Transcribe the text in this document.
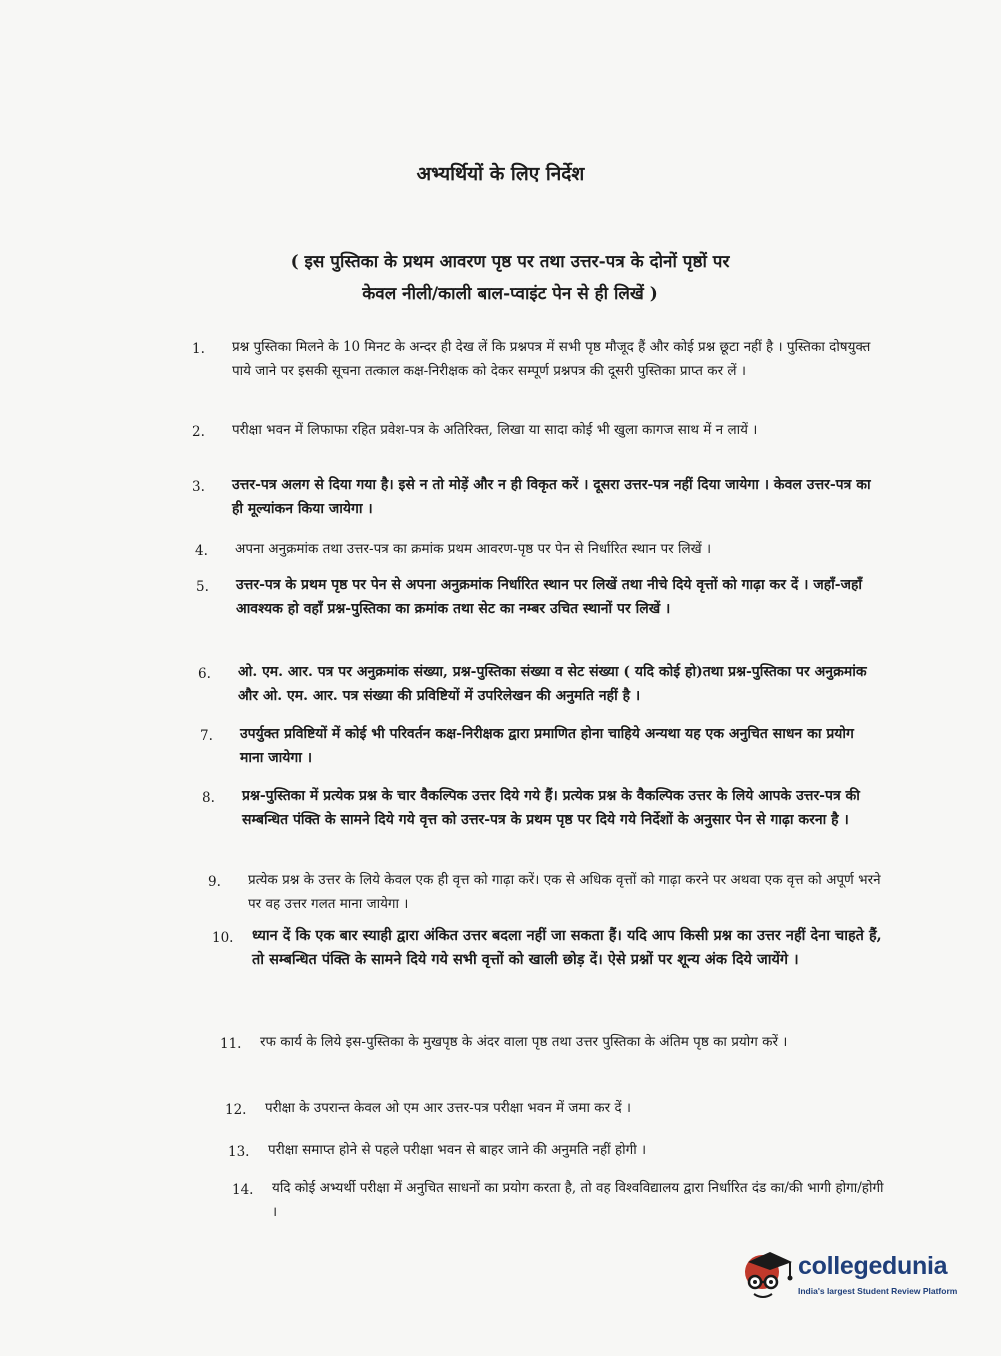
अभ्यर्थियों के लिए निर्देश
( इस पुस्तिका के प्रथम आवरण पृष्ठ पर तथा उत्तर-पत्र के दोनों पृष्ठों पर
केवल नीली/काली बाल-प्वाइंट पेन से ही लिखें )
1.	प्रश्न पुस्तिका मिलने के 10 मिनट के अन्दर ही देख लें कि प्रश्नपत्र में सभी पृष्ठ मौजूद हैं और कोई प्रश्न छूटा नहीं है । पुस्तिका दोषयुक्त पाये जाने पर इसकी सूचना तत्काल कक्ष-निरीक्षक को देकर सम्पूर्ण प्रश्नपत्र की दूसरी पुस्तिका प्राप्त कर लें ।
2.	परीक्षा भवन में लिफाफा रहित प्रवेश-पत्र के अतिरिक्त, लिखा या सादा कोई भी खुला कागज साथ में न लायें ।
3.	उत्तर-पत्र अलग से दिया गया है। इसे न तो मोड़ें और न ही विकृत करें । दूसरा उत्तर-पत्र नहीं दिया जायेगा । केवल उत्तर-पत्र का ही मूल्यांकन किया जायेगा ।
4.	अपना अनुक्रमांक तथा उत्तर-पत्र का क्रमांक प्रथम आवरण-पृष्ठ पर पेन से निर्धारित स्थान पर लिखें ।
5.	उत्तर-पत्र के प्रथम पृष्ठ पर पेन से अपना अनुक्रमांक निर्धारित स्थान पर लिखें तथा नीचे दिये वृत्तों को गाढ़ा कर दें । जहाँ-जहाँ आवश्यक हो वहाँ प्रश्न-पुस्तिका का क्रमांक तथा सेट का नम्बर उचित स्थानों पर लिखें ।
6.	ओ. एम. आर. पत्र पर अनुक्रमांक संख्या, प्रश्न-पुस्तिका संख्या व सेट संख्या ( यदि कोई हो)तथा प्रश्न-पुस्तिका पर अनुक्रमांक और ओ. एम. आर. पत्र संख्या की प्रविष्टियों में उपरिलेखन की अनुमति नहीं है ।
7.	उपर्युक्त प्रविष्टियों में कोई भी परिवर्तन कक्ष-निरीक्षक द्वारा प्रमाणित होना चाहिये अन्यथा यह एक अनुचित साधन का प्रयोग माना जायेगा ।
8.	प्रश्न-पुस्तिका में प्रत्येक प्रश्न के चार वैकल्पिक उत्तर दिये गये हैं। प्रत्येक प्रश्न के वैकल्पिक उत्तर के लिये आपके उत्तर-पत्र की सम्बन्धित पंक्ति के सामने दिये गये वृत्त को उत्तर-पत्र के प्रथम पृष्ठ पर दिये गये निर्देशों के अनुसार पेन से गाढ़ा करना है ।
9.	प्रत्येक प्रश्न के उत्तर के लिये केवल एक ही वृत्त को गाढ़ा करें। एक से अधिक वृत्तों को गाढ़ा करने पर अथवा एक वृत्त को अपूर्ण भरने पर वह उत्तर गलत माना जायेगा ।
10.	ध्यान दें कि एक बार स्याही द्वारा अंकित उत्तर बदला नहीं जा सकता हैं। यदि आप किसी प्रश्न का उत्तर नहीं देना चाहते हैं, तो सम्बन्धित पंक्ति के सामने दिये गये सभी वृत्तों को खाली छोड़ दें। ऐसे प्रश्नों पर शून्य अंक दिये जायेंगे ।
11.	रफ कार्य के लिये इस-पुस्तिका के मुखपृष्ठ के अंदर वाला पृष्ठ तथा उत्तर पुस्तिका के अंतिम पृष्ठ का प्रयोग करें ।
12.	परीक्षा के उपरान्त केवल ओ एम आर उत्तर-पत्र परीक्षा भवन में जमा कर दें ।
13.	परीक्षा समाप्त होने से पहले परीक्षा भवन से बाहर जाने की अनुमति नहीं होगी ।
14.	यदि कोई अभ्यर्थी परीक्षा में अनुचित साधनों का प्रयोग करता है, तो वह विश्वविद्यालय द्वारा निर्धारित दंड का/की भागी होगा/होगी ।
collegedunia
India's largest Student Review Platform
